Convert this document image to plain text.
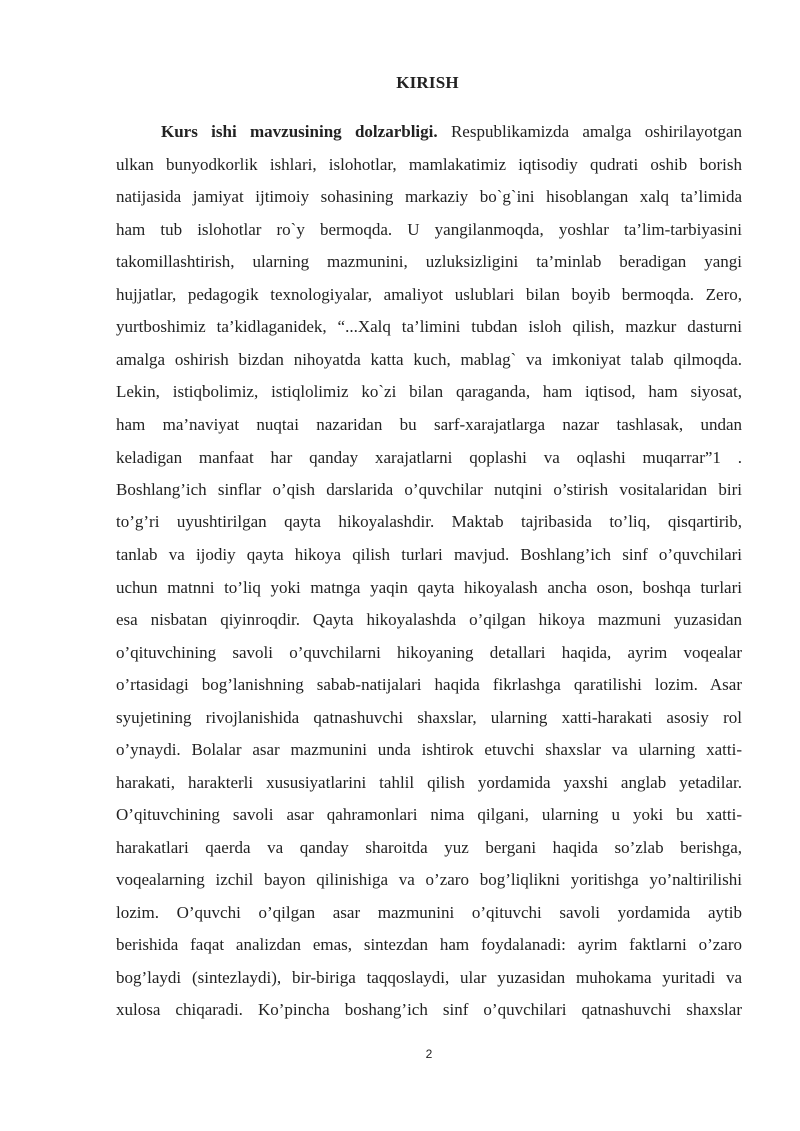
KIRISH
Kurs ishi mavzusining dolzarbligi. Respublikamizda amalga oshirilayotgan
ulkan bunyodkorlik ishlari, islohotlar, mamlakatimiz iqtisodiy qudrati oshib borish
natijasida jamiyat ijtimoiy sohasining markaziy bo`g`ini hisoblangan xalq ta’limida
ham tub islohotlar ro`y bermoqda. U yangilanmoqda, yoshlar ta’lim-tarbiyasini
takomillashtirish, ularning mazmunini, uzluksizligini ta’minlab beradigan yangi
hujjatlar, pedagogik texnologiyalar, amaliyot uslublari bilan boyib bermoqda. Zero,
yurtboshimiz ta’kidlaganidek, “...Xalq ta’limini tubdan isloh qilish, mazkur dasturni
amalga oshirish bizdan nihoyatda katta kuch, mablag` va imkoniyat talab qilmoqda.
Lekin, istiqbolimiz, istiqlolimiz ko`zi bilan qaraganda, ham iqtisod, ham siyosat,
ham ma’naviyat nuqtai nazaridan bu sarf-xarajatlarga nazar tashlasak, undan
keladigan manfaat har qanday xarajatlarni qoplashi va oqlashi muqarrar”1 .
Boshlang’ich sinflar o’qish darslarida o’quvchilar nutqini o’stirish vositalaridan biri
to’g’ri uyushtirilgan qayta hikoyalashdir. Maktab tajribasida to’liq, qisqartirib,
tanlab va ijodiy qayta hikoya qilish turlari mavjud. Boshlang’ich sinf o’quvchilari
uchun matnni to’liq yoki matnga yaqin qayta hikoyalash ancha oson, boshqa turlari
esa nisbatan qiyinroqdir. Qayta hikoyalashda o’qilgan hikoya mazmuni yuzasidan
o’qituvchining savoli o’quvchilarni hikoyaning detallari haqida, ayrim voqealar
o’rtasidagi bog’lanishning sabab-natijalari haqida fikrlashga qaratilishi lozim. Asar
syujetining rivojlanishida qatnashuvchi shaxslar, ularning xatti-harakati asosiy rol
o’ynaydi. Bolalar asar mazmunini unda ishtirok etuvchi shaxslar va ularning xatti-
harakati, harakterli xususiyatlarini tahlil qilish yordamida yaxshi anglab yetadilar.
O’qituvchining savoli asar qahramonlari nima qilgani, ularning u yoki bu xatti-
harakatlari qaerda va qanday sharoitda yuz bergani haqida so’zlab berishga,
voqealarning izchil bayon qilinishiga va o’zaro bog’liqlikni yoritishga yo’naltirilishi
lozim. O’quvchi o’qilgan asar mazmunini o’qituvchi savoli yordamida aytib
berishida faqat analizdan emas, sintezdan ham foydalanadi: ayrim faktlarni o’zaro
bog’laydi (sintezlaydi), bir-biriga taqqoslaydi, ular yuzasidan muhokama yuritadi va
xulosa chiqaradi. Ko’pincha boshang’ich sinf o’quvchilari qatnashuvchi shaxslar
2
